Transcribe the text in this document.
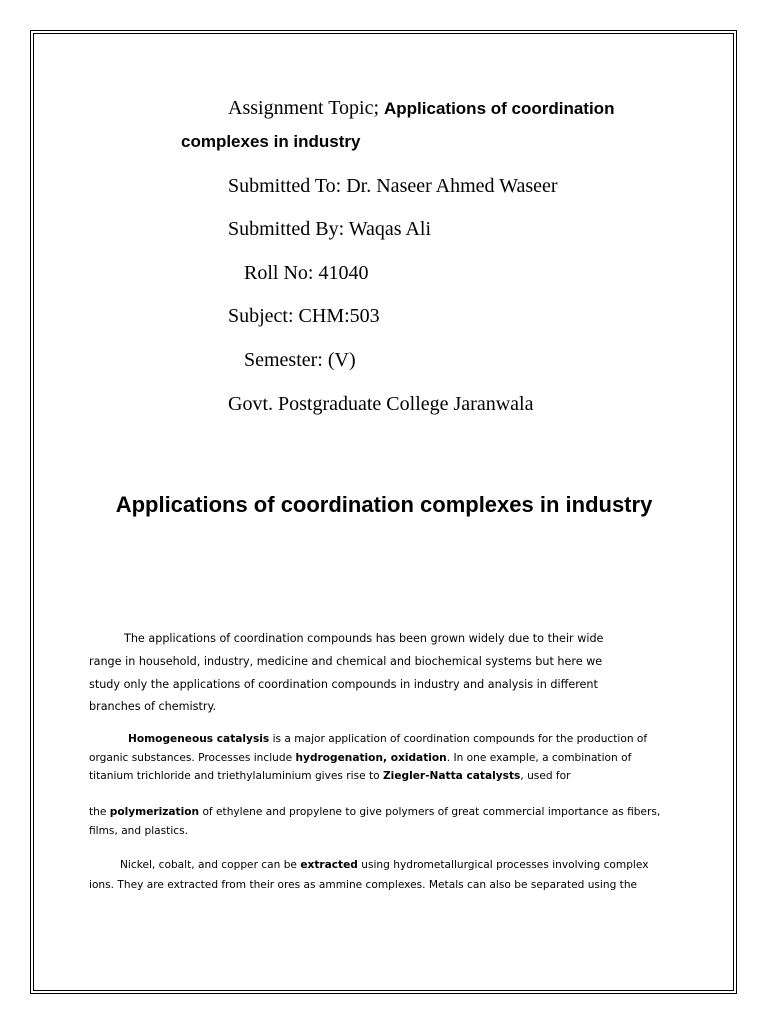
Assignment Topic; Applications of coordination
complexes in industry
Submitted To: Dr. Naseer Ahmed Waseer
Submitted By: Waqas Ali
Roll No: 41040
Subject: CHM:503
Semester: (V)
Govt. Postgraduate College Jaranwala
Applications of coordination complexes in industry
The applications of coordination compounds has been grown widely due to their wide
range in household, industry, medicine and chemical and biochemical systems but here we
study only the applications of coordination compounds in industry and analysis in different
branches of chemistry.
Homogeneous catalysis is a major application of coordination compounds for the production of
organic substances. Processes include hydrogenation, oxidation. In one example, a combination of
titanium trichloride and triethylaluminium gives rise to Ziegler-Natta catalysts, used for
the polymerization of ethylene and propylene to give polymers of great commercial importance as fibers,
films, and plastics.
Nickel, cobalt, and copper can be extracted using hydrometallurgical processes involving complex
ions. They are extracted from their ores as ammine complexes. Metals can also be separated using the
